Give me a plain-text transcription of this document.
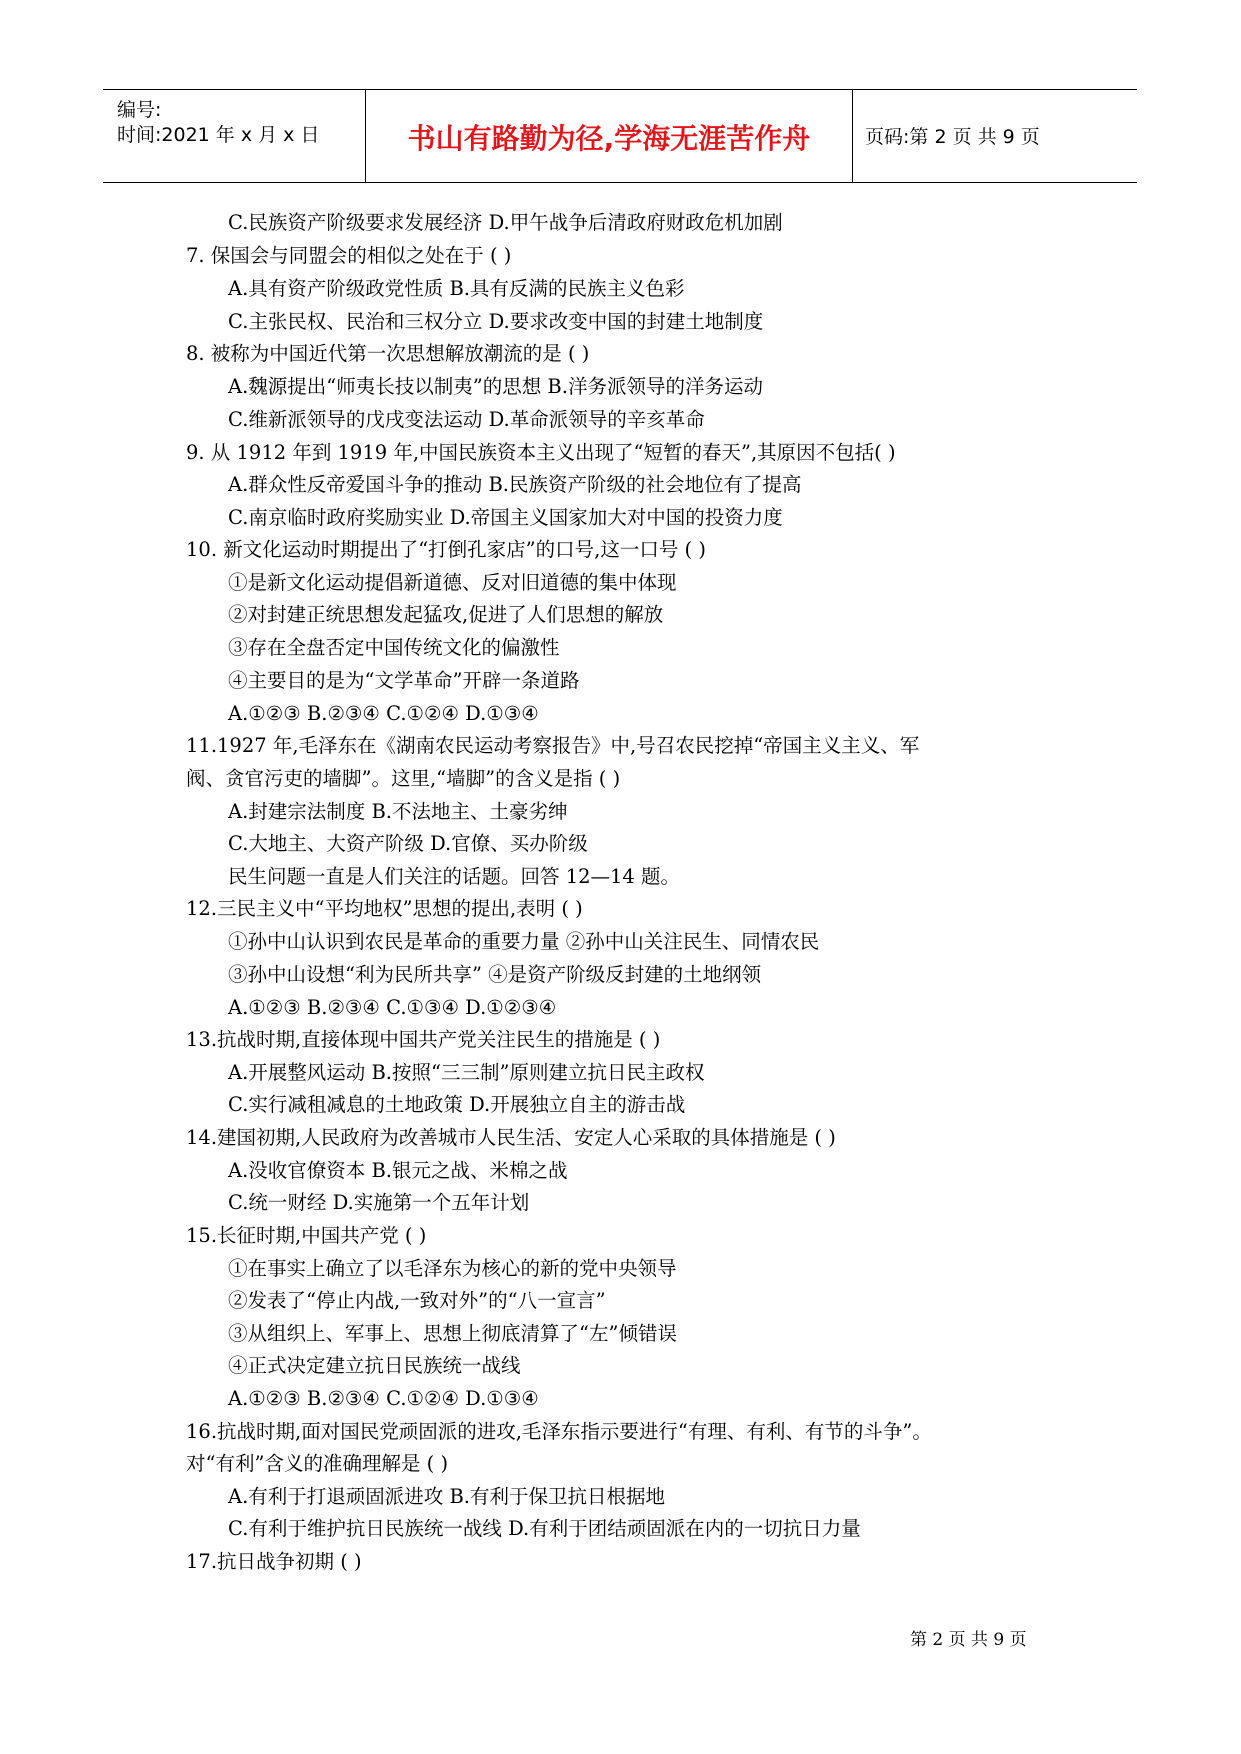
编号:
时间:2021 年 x 月 x 日	书山有路勤为径,学海无涯苦作舟	页码:第 2 页 共 9 页
C.民族资产阶级要求发展经济 D.甲午战争后清政府财政危机加剧
7. 保国会与同盟会的相似之处在于 ( )
A.具有资产阶级政党性质 B.具有反满的民族主义色彩
C.主张民权、民治和三权分立 D.要求改变中国的封建土地制度
8. 被称为中国近代第一次思想解放潮流的是 ( )
A.魏源提出“师夷长技以制夷”的思想 B.洋务派领导的洋务运动
C.维新派领导的戊戌变法运动 D.革命派领导的辛亥革命
9. 从 1912 年到 1919 年,中国民族资本主义出现了“短暂的春天”,其原因不包括( )
A.群众性反帝爱国斗争的推动 B.民族资产阶级的社会地位有了提高
C.南京临时政府奖励实业 D.帝国主义国家加大对中国的投资力度
10. 新文化运动时期提出了“打倒孔家店”的口号,这一口号 ( )
①是新文化运动提倡新道德、反对旧道德的集中体现
②对封建正统思想发起猛攻,促进了人们思想的解放
③存在全盘否定中国传统文化的偏激性
④主要目的是为“文学革命”开辟一条道路
A.①②③ B.②③④ C.①②④ D.①③④
11.1927 年,毛泽东在《湖南农民运动考察报告》中,号召农民挖掉“帝国主义主义、军
阀、贪官污吏的墙脚”。这里,“墙脚”的含义是指 ( )
A.封建宗法制度 B.不法地主、土豪劣绅
C.大地主、大资产阶级 D.官僚、买办阶级
民生问题一直是人们关注的话题。回答 12—14 题。
12.三民主义中“平均地权”思想的提出,表明 ( )
①孙中山认识到农民是革命的重要力量 ②孙中山关注民生、同情农民
③孙中山设想“利为民所共享” ④是资产阶级反封建的土地纲领
A.①②③ B.②③④ C.①③④ D.①②③④
13.抗战时期,直接体现中国共产党关注民生的措施是 ( )
A.开展整风运动 B.按照“三三制”原则建立抗日民主政权
C.实行减租减息的土地政策 D.开展独立自主的游击战
14.建国初期,人民政府为改善城市人民生活、安定人心采取的具体措施是 ( )
A.没收官僚资本 B.银元之战、米棉之战
C.统一财经 D.实施第一个五年计划
15.长征时期,中国共产党 ( )
①在事实上确立了以毛泽东为核心的新的党中央领导
②发表了“停止内战,一致对外”的“八一宣言”
③从组织上、军事上、思想上彻底清算了“左”倾错误
④正式决定建立抗日民族统一战线
A.①②③ B.②③④ C.①②④ D.①③④
16.抗战时期,面对国民党顽固派的进攻,毛泽东指示要进行“有理、有利、有节的斗争”。
对“有利”含义的准确理解是 ( )
A.有利于打退顽固派进攻 B.有利于保卫抗日根据地
C.有利于维护抗日民族统一战线 D.有利于团结顽固派在内的一切抗日力量
17.抗日战争初期 ( )
第 2 页 共 9 页
